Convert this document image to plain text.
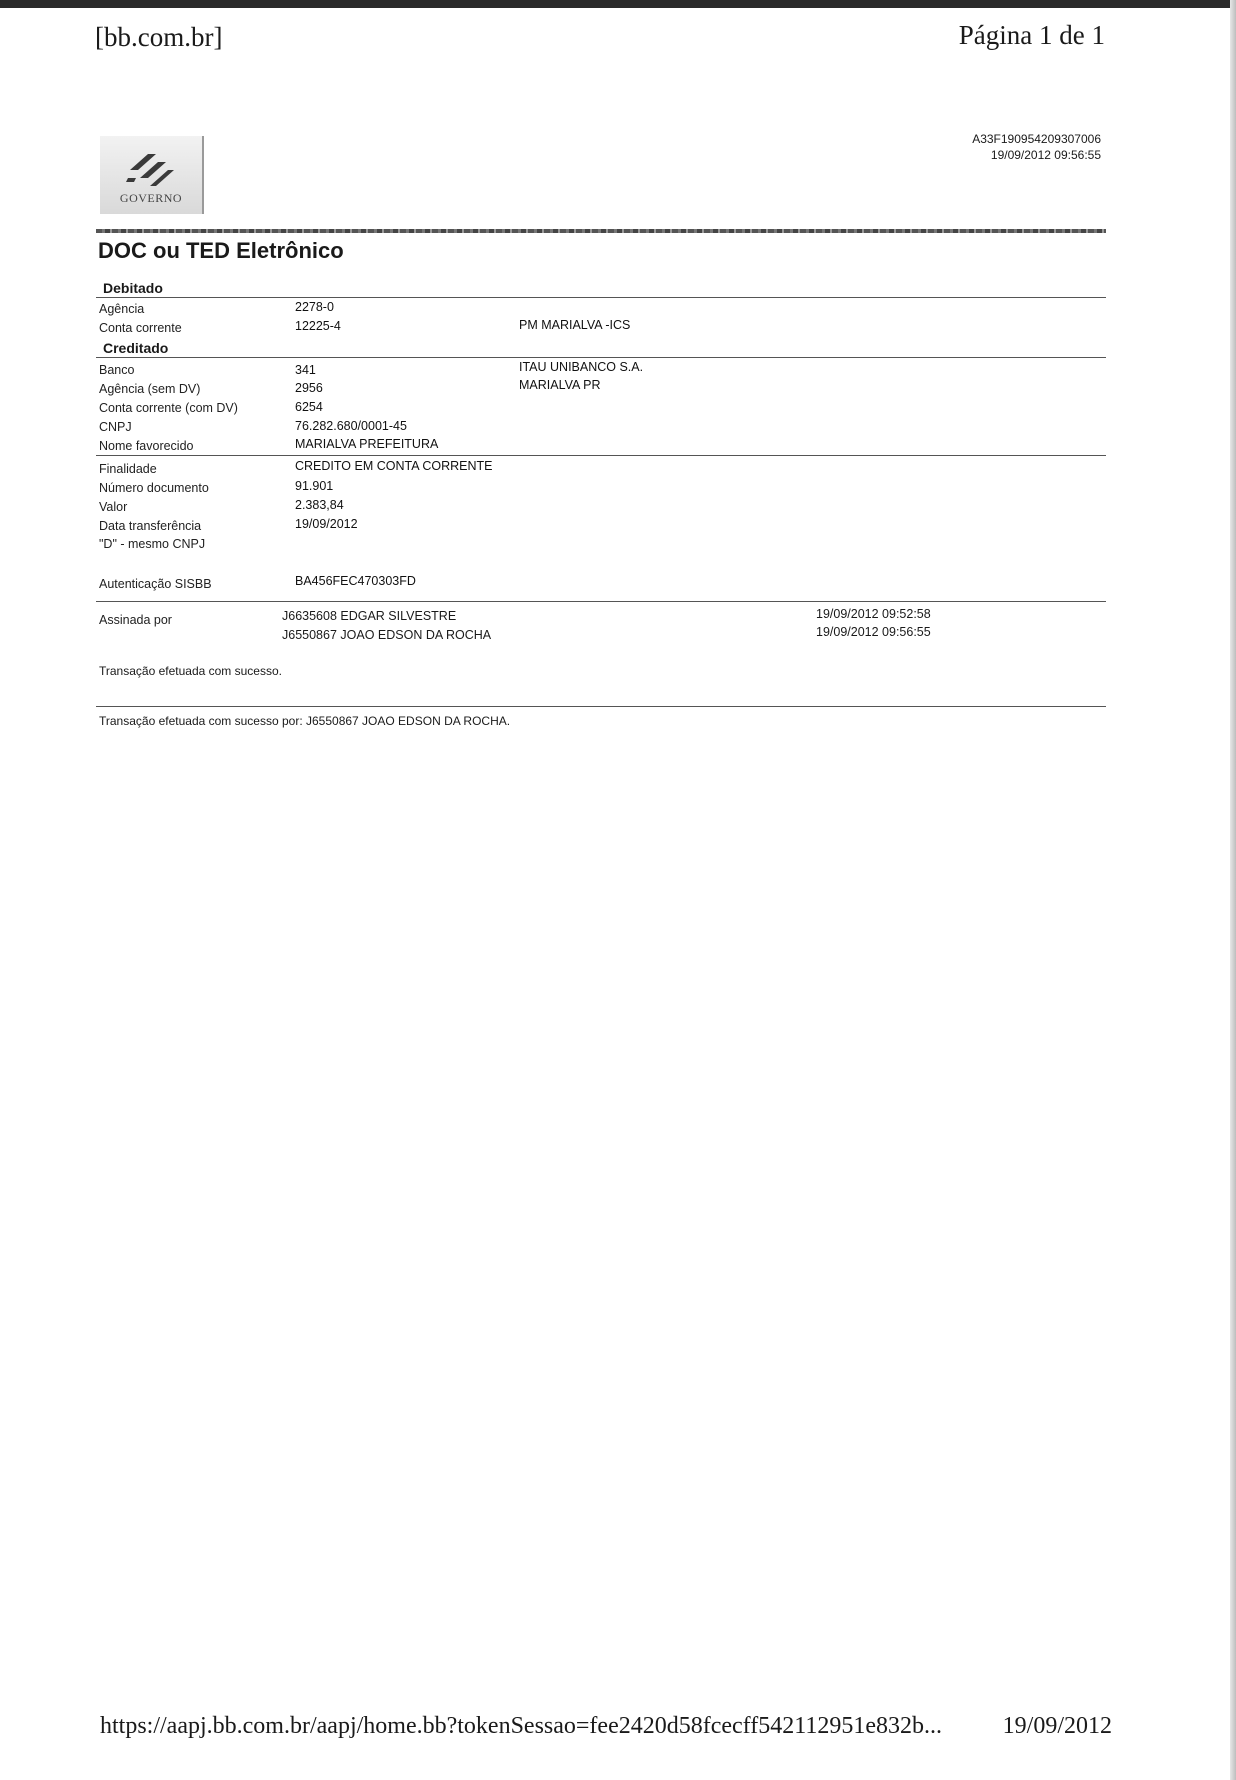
[bb.com.br]	Página 1 de 1
GOVERNO
A33F190954209307006
19/09/2012 09:56:55
DOC ou TED Eletrônico
Debitado
Agência	2278-0
Conta corrente	12225-4	PM MARIALVA -ICS
Creditado
Banco	341	ITAU UNIBANCO S.A.
Agência (sem DV)	2956	MARIALVA PR
Conta corrente (com DV)	6254
CNPJ	76.282.680/0001-45
Nome favorecido	MARIALVA PREFEITURA
Finalidade	CREDITO EM CONTA CORRENTE
Número documento	91.901
Valor	2.383,84
Data transferência	19/09/2012
"D" - mesmo CNPJ
Autenticação SISBB	BA456FEC470303FD
Assinada por	J6635608 EDGAR SILVESTRE	19/09/2012 09:52:58
J6550867 JOAO EDSON DA ROCHA	19/09/2012 09:56:55
Transação efetuada com sucesso.
Transação efetuada com sucesso por: J6550867 JOAO EDSON DA ROCHA.
https://aapj.bb.com.br/aapj/home.bb?tokenSessao=fee2420d58fcecff542112951e832b...	19/09/2012
